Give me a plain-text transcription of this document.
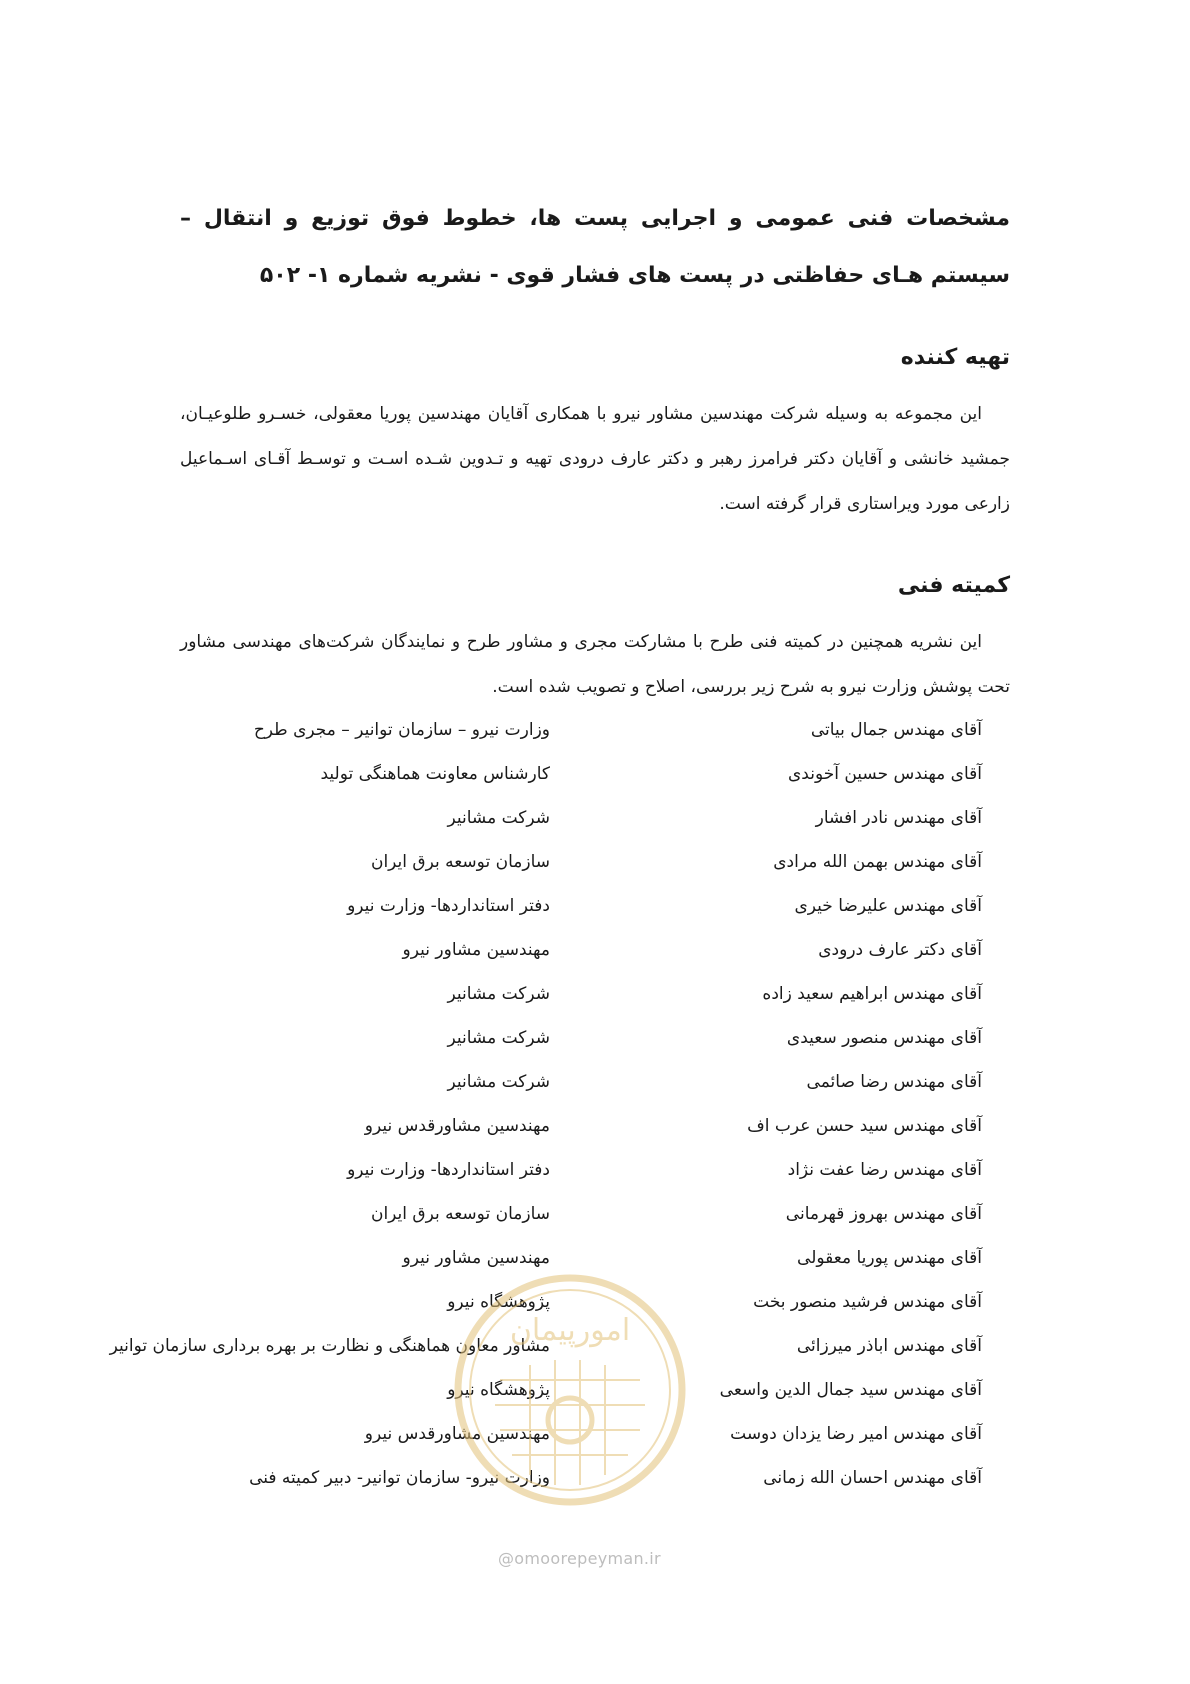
مشخصات فنی عمومی و اجرایی پست ها، خطوط فوق توزیع و انتقال – سیستم هـای حفاظتی در پست های فشار قوی - نشریه شماره ۱- ۵۰۲
تهیه کننده

این مجموعه به وسیله شرکت مهندسین مشاور نیرو با همکاری آقایان مهندسین پوریا معقولی، خسـرو طلوعیـان، جمشید خانشی و آقایان دکتر فرامرز رهبر و دکتر عارف درودی تهیه و تـدوین شـده اسـت و توسـط آقـای اسـماعیل زارعی مورد ویراستاری قرار گرفته است.

کمیته فنی

این نشریه همچنین در کمیته فنی طرح با مشارکت مجری و مشاور طرح و نمایندگان شرکت‌های مهندسی مشاور تحت پوشش وزارت نیرو به شرح زیر بررسی، اصلاح و تصویب شده است.

آقای مهندس جمال بیاتی
وزارت نیرو – سازمان توانیر – مجری طرح
آقای مهندس حسین آخوندی
کارشناس معاونت هماهنگی تولید
آقای مهندس نادر افشار
شرکت مشانیر
آقای مهندس بهمن الله مرادی
سازمان توسعه برق ایران
آقای مهندس علیرضا خیری
دفتر استانداردها- وزارت نیرو
آقای دکتر عارف درودی
مهندسین مشاور نیرو
آقای مهندس ابراهیم سعید زاده
شرکت مشانیر
آقای مهندس منصور سعیدی
شرکت مشانیر
آقای مهندس رضا صائمی
شرکت مشانیر
آقای مهندس سید حسن عرب اف
مهندسین مشاورقدس نیرو
آقای مهندس رضا عفت نژاد
دفتر استانداردها- وزارت نیرو
آقای مهندس بهروز قهرمانی
سازمان توسعه برق ایران
آقای مهندس پوریا معقولی
مهندسین مشاور نیرو
آقای مهندس فرشید منصور بخت
پژوهشگاه نیرو
آقای مهندس اباذر میرزائی
مشاور معاون هماهنگی و نظارت بر بهره برداری سازمان توانیر
آقای مهندس سید جمال الدین واسعی
پژوهشگاه نیرو
آقای مهندس امیر رضا یزدان دوست
مهندسین مشاورقدس نیرو
آقای مهندس احسان الله زمانی
وزارت نیرو- سازمان توانیر- دبیر کمیته فنی
امورپیمان
@omoorepeyman.ir
